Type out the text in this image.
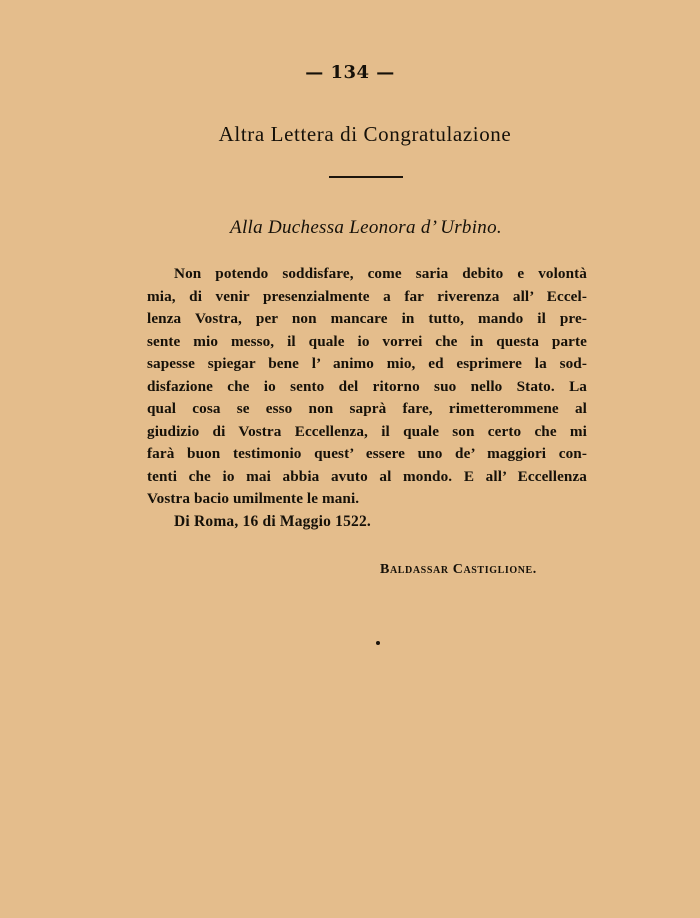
— 134 —
Altra Lettera di Congratulazione
Alla Duchessa Leonora d’ Urbino.
Non potendo soddisfare, come saria debito e volontà
mia, di venir presenzialmente a far riverenza all’ Eccel-
lenza Vostra, per non mancare in tutto, mando il pre-
sente mio messo, il quale io vorrei che in questa parte
sapesse spiegar bene l’ animo mio, ed esprimere la sod-
disfazione che io sento del ritorno suo nello Stato. La
qual cosa se esso non saprà fare, rimetterommene al
giudizio di Vostra Eccellenza, il quale son certo che mi
farà buon testimonio quest’ essere uno de’ maggiori con-
tenti che io mai abbia avuto al mondo. E all’ Eccellenza
Vostra bacio umilmente le mani.
Di Roma, 16 di Maggio 1522.
Baldassar Castiglione.
